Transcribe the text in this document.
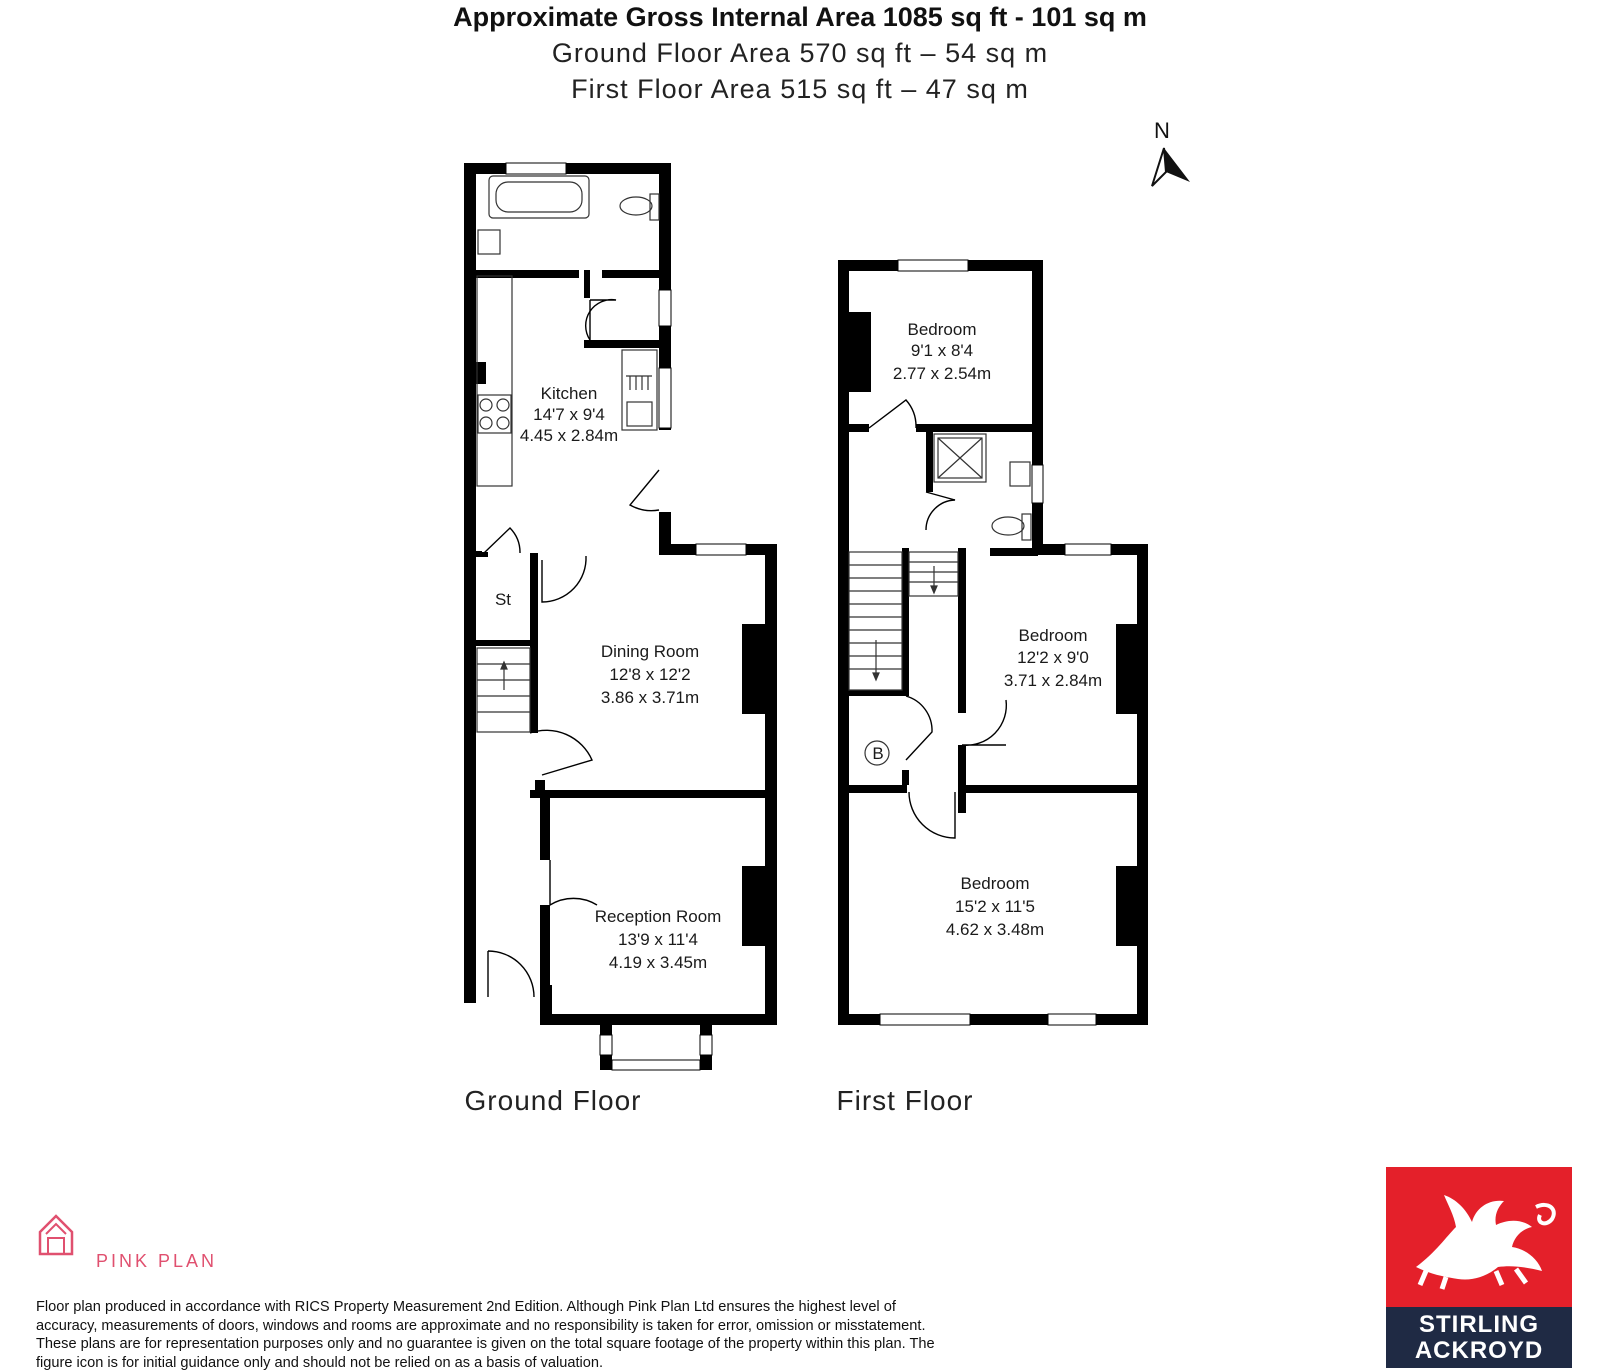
Approximate Gross Internal Area 1085 sq ft - 101 sq m
Ground Floor Area 570 sq ft – 54 sq m
First Floor Area 515 sq ft – 47 sq m
N
Kitchen
14'7 x 9'4
4.45 x 2.84m
St
Dining Room
12'8 x 12'2
3.86 x 3.71m
Reception Room
13'9 x 11'4
4.19 x 3.45m
Ground Floor
Bedroom
9'1 x 8'4
2.77 x 2.54m
Bedroom
12'2 x 9'0
3.71 x 2.84m
Bedroom
15'2 x 11'5
4.62 x 3.48m
B
First Floor
PINK PLAN
Floor plan produced in accordance with RICS Property Measurement 2nd Edition. Although Pink Plan Ltd ensures the highest level of accuracy, measurements of doors, windows and rooms are approximate and no responsibility is taken for error, omission or misstatement. These plans are for representation purposes only and no guarantee is given on the total square footage of the property within this plan. The figure icon is for initial guidance only and should not be relied on as a basis of valuation.
STIRLING
ACKROYD
